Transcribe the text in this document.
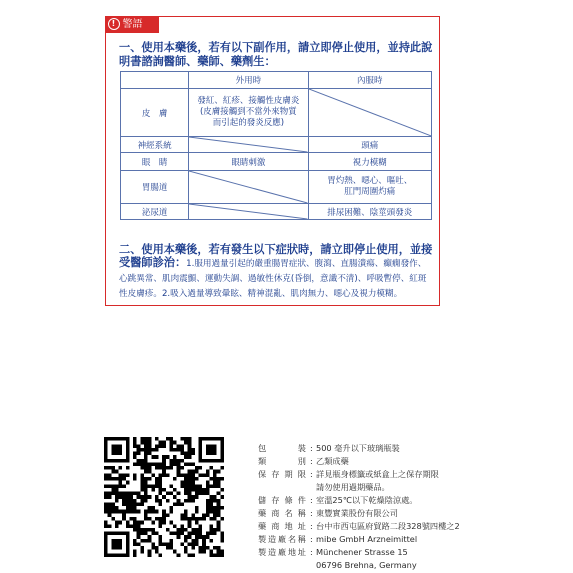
! 警語
一、使用本藥後，若有以下副作用，請立即停止使用，並持此說明書諮詢醫師、藥師、藥劑生：
	外用時	內服時
皮　膚	發紅、紅疹、接觸性皮膚炎
(皮膚接觸到不當外來物質
而引起的發炎反應)	

神經系統		頭痛
眼　睛	眼睛刺激	視力模糊
胃腸道		胃灼熱、噁心、嘔吐、
肛門周圍灼痛
泌尿道		排尿困難、陰莖頭發炎
二、使用本藥後，若有發生以下症狀時，請立即停止使用，並接受醫師診治：1.服用過量引起的嚴重腸胃症狀、腹瀉、直腸潰瘍、癲癇發作、心跳異常、肌肉震顫、運動失調、過敏性休克(昏倒，意識不清)、呼吸暫停、紅斑性皮膚疹。2.吸入過量導致暈眩、精神混亂、肌肉無力、噁心及視力模糊。
包裝 : 500 毫升以下玻璃瓶裝
類別 : 乙類成藥
保存期限 : 詳見瓶身標籤或紙盒上之保存期限
請勿使用過期藥品。
儲存條件 : 室溫25℃以下乾燥陰涼處。
藥商名稱 : 東豐實業股份有限公司
藥商地址 : 台中市西屯區府貿路二段328號四樓之2
製造廠名稱 : mibe GmbH Arzneimittel
製造廠地址 : Münchener Strasse 15
06796 Brehna, Germany
